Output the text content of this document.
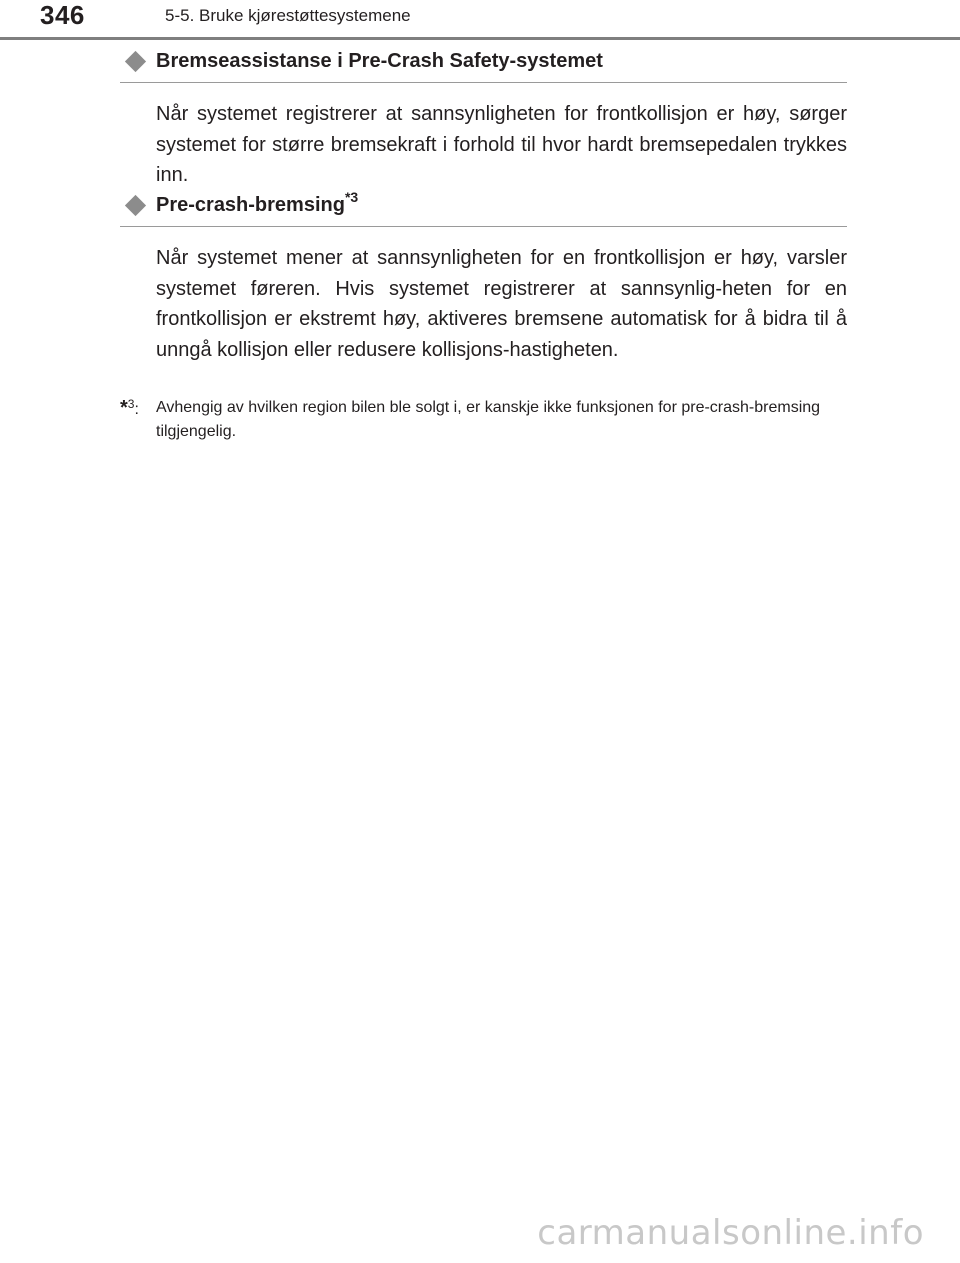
346	5-5. Bruke kjørestøttesystemene
Bremseassistanse i Pre-Crash Safety-systemet

Når systemet registrerer at sannsynligheten for frontkollisjon er høy, sørger systemet for større bremsekraft i forhold til hvor hardt bremsepedalen trykkes inn.

Pre-crash-bremsing$^{*3}$

Når systemet mener at sannsynligheten for en frontkollisjon er høy, varsler systemet føreren. Hvis systemet registrerer at sannsynlig-heten for en frontkollisjon er ekstremt høy, aktiveres bremsene automatisk for å bidra til å unngå kollisjon eller redusere kollisjons-hastigheten.

*$^3$: Avhengig av hvilken region bilen ble solgt i, er kanskje ikke funksjonen for pre-crash-bremsing tilgjengelig.
carmanualsonline.info
